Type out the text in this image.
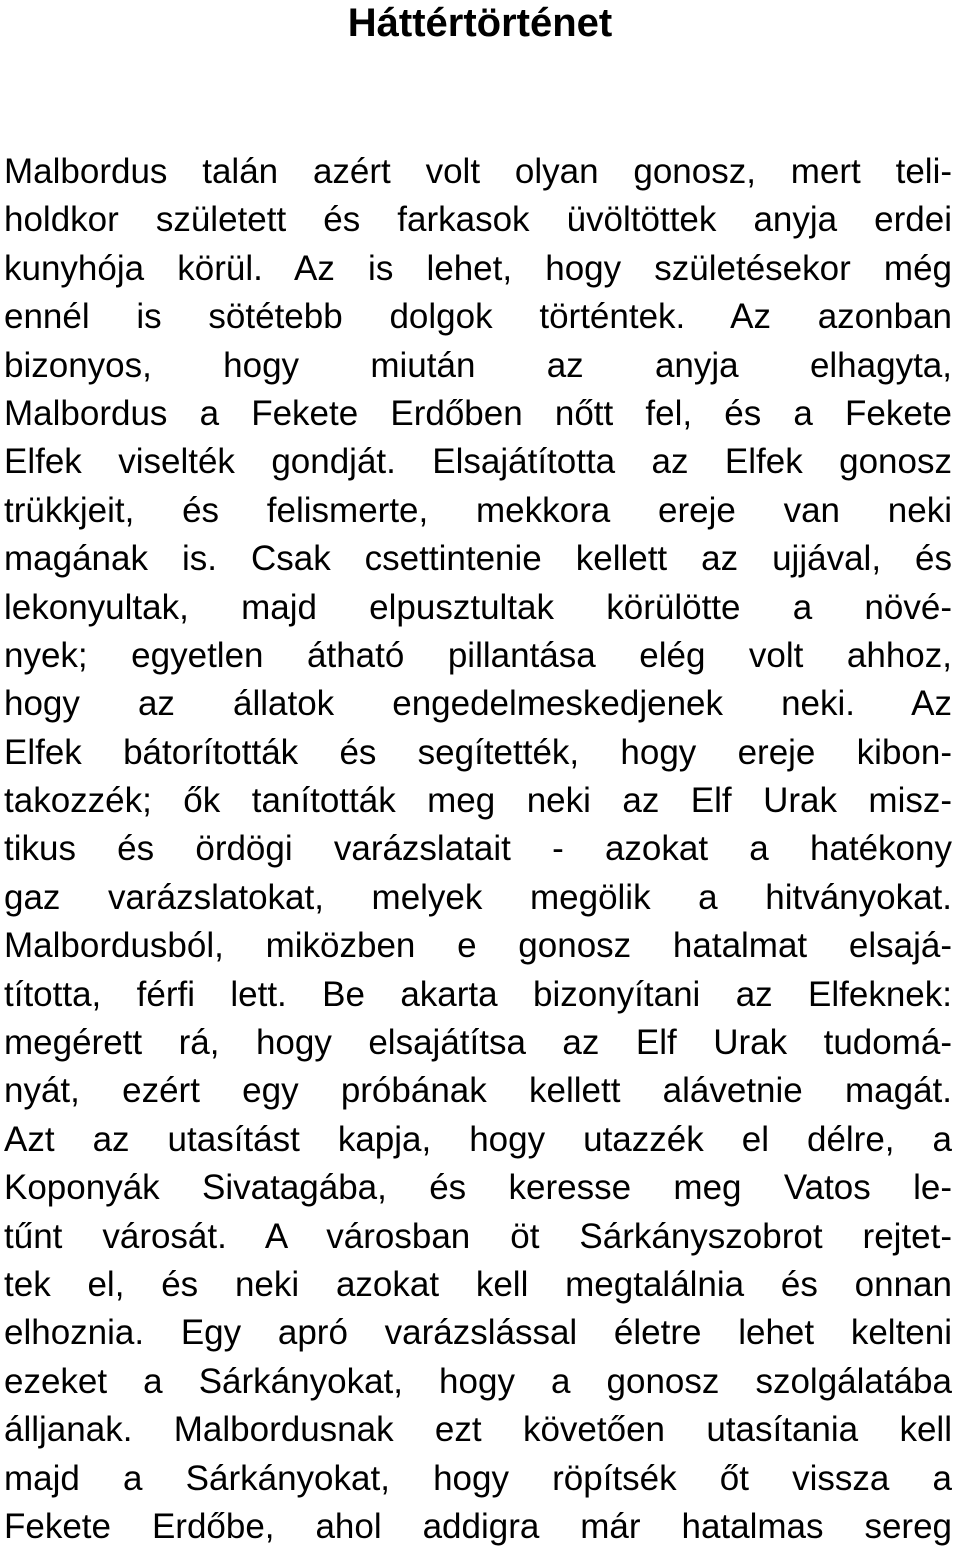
Háttértörténet
Malbordus talán azért volt olyan gonosz, mert teli-
holdkor született és farkasok üvöltöttek anyja erdei
kunyhója körül. Az is lehet, hogy születésekor még
ennél is sötétebb dolgok történtek. Az azonban
bizonyos, hogy miután az anyja elhagyta,
Malbordus a Fekete Erdőben nőtt fel, és a Fekete
Elfek viselték gondját. Elsajátította az Elfek gonosz
trükkjeit, és felismerte, mekkora ereje van neki
magának is. Csak csettintenie kellett az ujjával, és
lekonyultak, majd elpusztultak körülötte a növé-
nyek; egyetlen átható pillantása elég volt ahhoz,
hogy az állatok engedelmeskedjenek neki. Az
Elfek bátorították és segítették, hogy ereje kibon-
takozzék; ők tanították meg neki az Elf Urak misz-
tikus és ördögi varázslatait - azokat a hatékony
gaz varázslatokat, melyek megölik a hitványokat.
Malbordusból, miközben e gonosz hatalmat elsajá-
tította, férfi lett. Be akarta bizonyítani az Elfeknek:
megérett rá, hogy elsajátítsa az Elf Urak tudomá-
nyát, ezért egy próbának kellett alávetnie magát.
Azt az utasítást kapja, hogy utazzék el délre, a
Koponyák Sivatagába, és keresse meg Vatos le-
tűnt városát. A városban öt Sárkányszobrot rejtet-
tek el, és neki azokat kell megtalálnia és onnan
elhoznia. Egy apró varázslással életre lehet kelteni
ezeket a Sárkányokat, hogy a gonosz szolgálatába
álljanak. Malbordusnak ezt követően utasítania kell
majd a Sárkányokat, hogy röpítsék őt vissza a
Fekete Erdőbe, ahol addigra már hatalmas sereg
